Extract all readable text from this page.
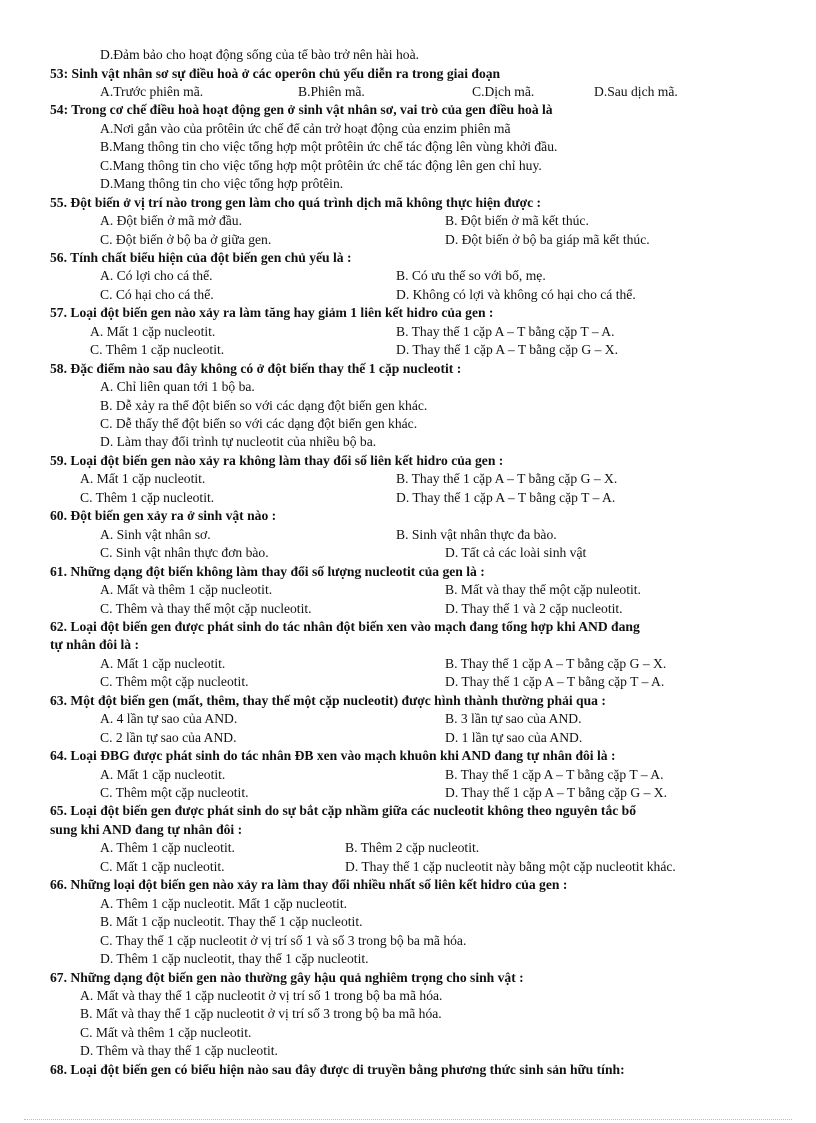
D.Đảm bảo cho hoạt động sống của tế bào trở nên hài hoà.
53: Sinh vật nhân sơ sự điều hoà ở các operôn chủ yếu diễn ra trong giai đoạn
A.Trước phiên mã.	B.Phiên mã.	C.Dịch mã.	D.Sau dịch mã.
54: Trong cơ chế điều hoà hoạt động gen ở sinh vật nhân sơ, vai trò của gen điều hoà là
A.Nơi gắn vào của prôtêin ức chế để cản trở hoạt động của enzim phiên mã
B.Mang thông tin cho việc tổng hợp một prôtêin ức chế tác động lên vùng khởi đầu.
C.Mang thông tin cho việc tổng hợp một prôtêin ức chế tác động lên gen chỉ huy.
D.Mang thông tin cho việc tổng hợp prôtêin.
55. Đột biến ở vị trí nào trong gen làm cho quá trình dịch mã không thực hiện được :
A. Đột biến ở mã mở đầu.	B. Đột biến ở mã kết thúc.
C. Đột biến ở bộ ba ở giữa gen.	D. Đột biến ở bộ ba giáp mã kết thúc.
56. Tính chất biểu hiện của đột biến gen chủ yếu là :
A. Có lợi cho cá thể.	B. Có ưu thế so với bố, mẹ.
C. Có hại cho cá thể.	D. Không có lợi và không có hại cho cá thể.
57. Loại đột biến gen nào xảy ra làm tăng hay giảm 1 liên kết hidro của gen :
A. Mất 1 cặp nucleotit.	B. Thay thế 1 cặp A – T bằng cặp T – A.
C. Thêm 1 cặp nucleotit.	D. Thay thế 1 cặp A – T bằng cặp G – X.
58. Đặc điểm nào sau đây không có ở đột biến thay thế 1 cặp nucleotit :
A. Chỉ liên quan tới 1 bộ ba.
B. Dễ xảy ra thể đột biến so với các dạng đột biến gen khác.
C. Dễ thấy thể đột biến so với các dạng đột biến gen khác.
D. Làm thay đổi trình tự nucleotit của nhiều bộ ba.
59. Loại đột biến gen nào xảy ra không làm thay đổi số liên kết hidro của gen :
A. Mất 1 cặp nucleotit.	B. Thay thế 1 cặp A – T bằng cặp G – X.
C. Thêm 1 cặp nucleotit.	D. Thay thế 1 cặp A – T bằng cặp T – A.
60. Đột biến gen xảy ra ở sinh vật nào :
A. Sinh vật nhân sơ.	B. Sinh vật nhân thực đa bào.
C. Sinh vật nhân thực đơn bào.	D. Tất cả các loài sinh vật
61. Những dạng đột biến không làm thay đổi số lượng nucleotit của gen là :
A. Mất và thêm 1 cặp nucleotit.	B. Mất và thay thế một cặp nuleotit.
C. Thêm và thay thế một cặp nucleotit.	D. Thay thế 1 và 2 cặp nucleotit.
62. Loại đột biến gen được phát sinh do tác nhân đột biến xen vào mạch đang tổng hợp khi AND đang
tự nhân đôi là :
A. Mất 1 cặp nucleotit.	B. Thay thế 1 cặp A – T bằng cặp G – X.
C. Thêm một cặp nucleotit.	D. Thay thế 1 cặp A – T bằng cặp T – A.
63. Một đột biến gen (mất, thêm, thay thế một cặp nucleotit) được hình thành thường phải qua :
A. 4 lần tự sao của AND.	B. 3 lần tự sao của AND.
C. 2 lần tự sao của AND.	D. 1 lần tự sao của AND.
64. Loại ĐBG được phát sinh do tác nhân ĐB xen vào mạch khuôn khi AND đang tự nhân đôi là :
A. Mất 1 cặp nucleotit.	B. Thay thế 1 cặp A – T bằng cặp T – A.
C. Thêm một cặp nucleotit.	D. Thay thế 1 cặp A – T bằng cặp G – X.
65. Loại đột biến gen được phát sinh do sự bắt cặp nhầm giữa các nucleotit không theo nguyên tắc bổ
sung khi AND đang tự nhân đôi :
A. Thêm 1 cặp nucleotit.	B. Thêm 2 cặp nucleotit.
C. Mất 1 cặp nucleotit.	D. Thay thế 1 cặp nucleotit này bằng một cặp nucleotit khác.
66. Những loại đột biến gen nào xảy ra làm thay đổi nhiều nhất số liên kết hidro của gen :
A. Thêm 1 cặp nucleotit. Mất 1 cặp nucleotit.
B. Mất 1 cặp nucleotit. Thay thế 1 cặp nucleotit.
C. Thay thế 1 cặp nucleotit ở vị trí số 1 và số 3 trong bộ ba mã hóa.
D. Thêm 1 cặp nucleotit, thay thế 1 cặp nucleotit.
67. Những dạng đột biến gen nào thường gây hậu quả nghiêm trọng cho sinh vật :
A. Mất và thay thế 1 cặp nucleotit ở vị trí số 1 trong bộ ba mã hóa.
B. Mất và thay thế 1 cặp nucleotit ở vị trí số 3 trong bộ ba mã hóa.
C. Mất và thêm 1 cặp nucleotit.
D. Thêm và thay thế 1 cặp nucleotit.
68. Loại đột biến gen có biểu hiện nào sau đây được di truyền bằng phương thức sinh sản hữu tính:
